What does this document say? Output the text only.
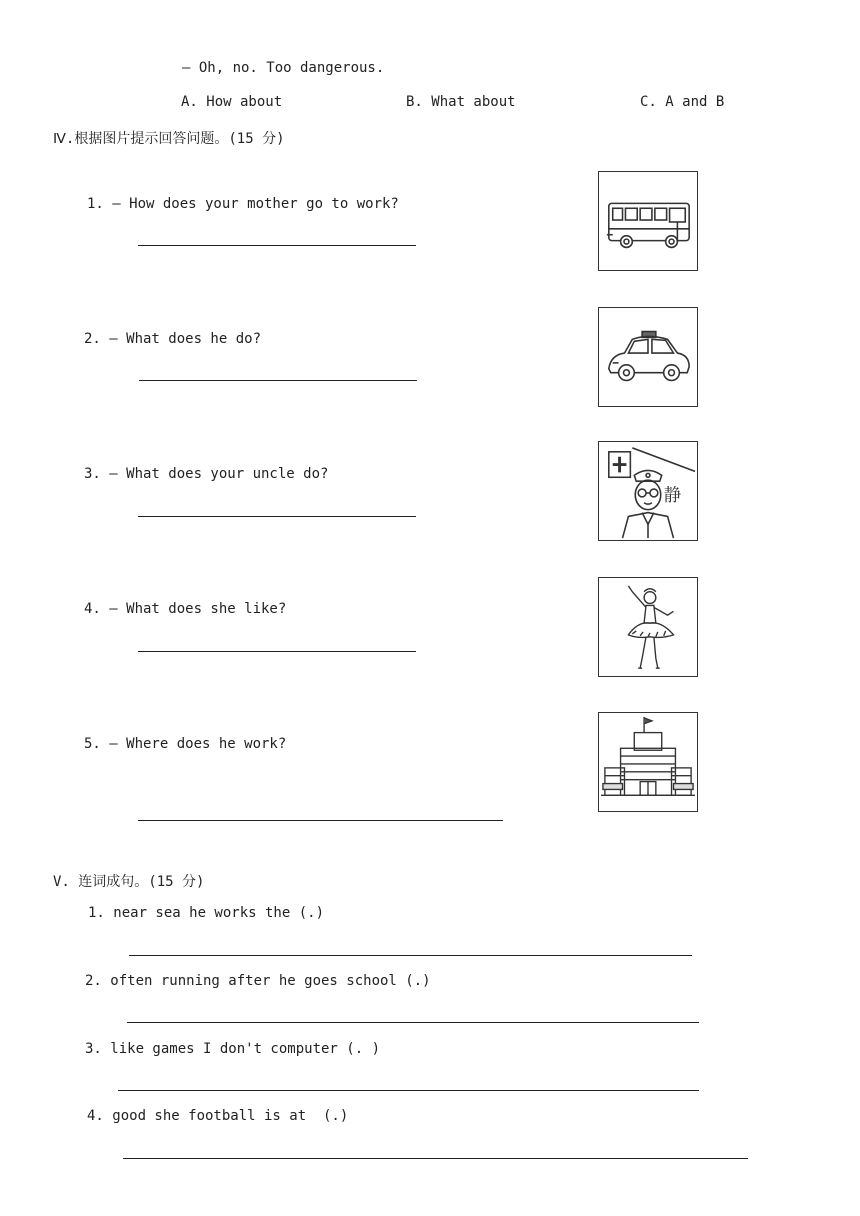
— Oh, no. Too dangerous.
A. How about	B. What about	C. A and B
Ⅳ.根据图片提示回答问题。(15 分)
1. — How does your mother go to work?
2. — What does he do?
3. — What does your uncle do?
4. — What does she like?
5. — Where does he work?
静
V. 连词成句。(15 分)
1. near sea he works the (.)
2. often running after he goes school (.)
3. like games I don't computer (. )
4. good she football is at  (.)
